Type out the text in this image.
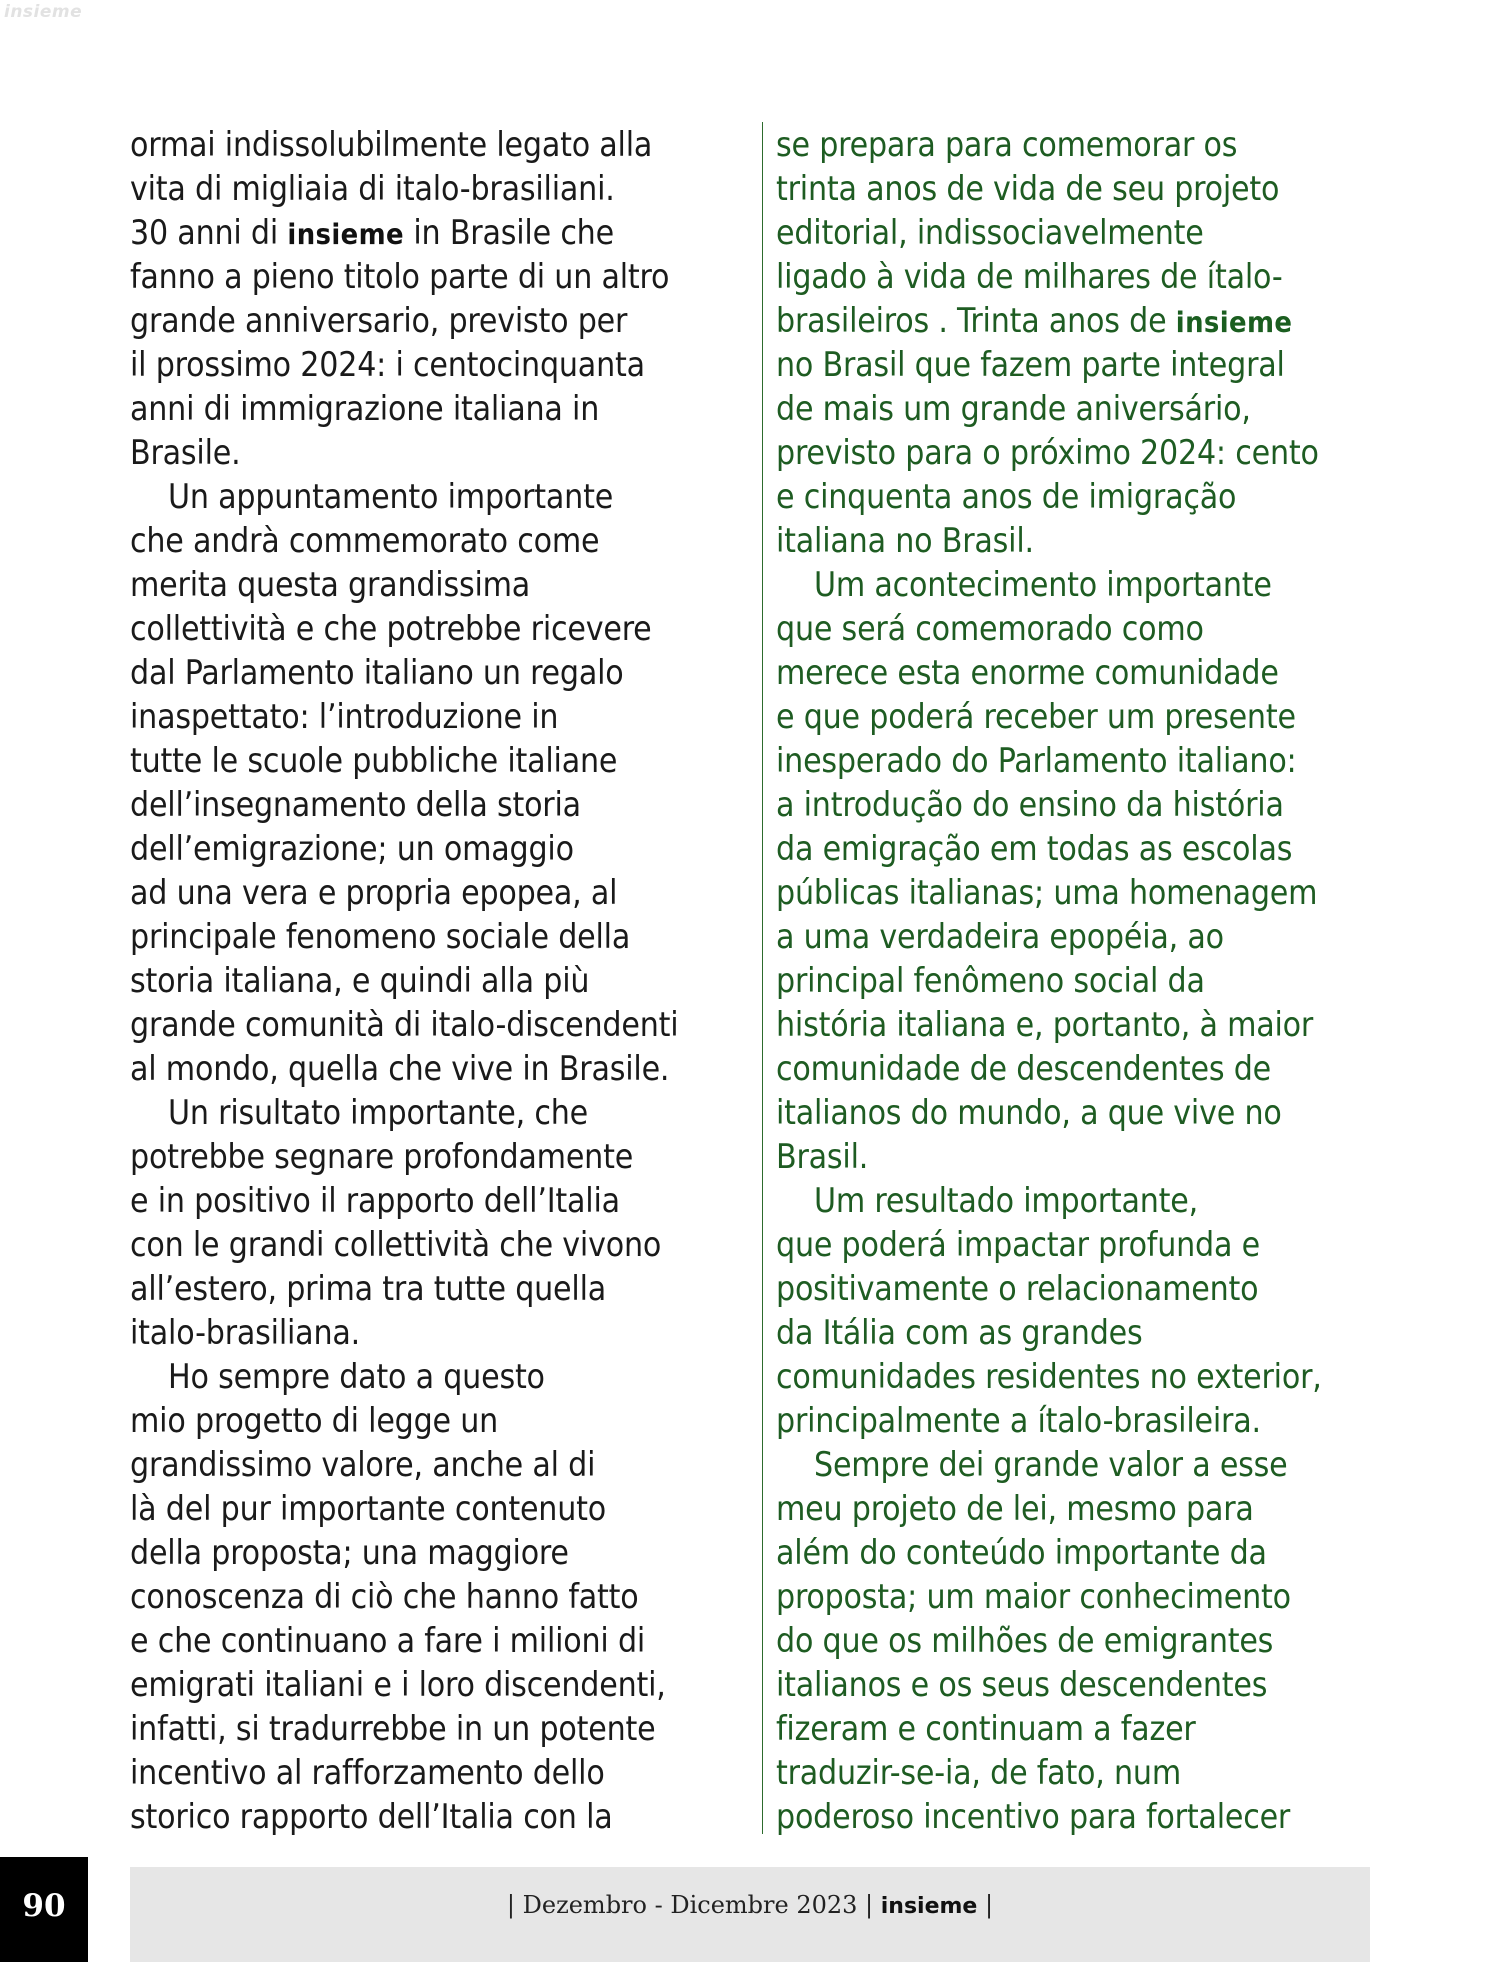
insieme
ormai indissolubilmente legato alla
vita di migliaia di italo-brasiliani.
30 anni di insieme in Brasile che
fanno a pieno titolo parte di un altro
grande anniversario, previsto per
il prossimo 2024: i centocinquanta
anni di immigrazione italiana in
Brasile.
Un appuntamento importante
che andrà commemorato come
merita questa grandissima
collettività e che potrebbe ricevere
dal Parlamento italiano un regalo
inaspettato: l’introduzione in
tutte le scuole pubbliche italiane
dell’insegnamento della storia
dell’emigrazione; un omaggio
ad una vera e propria epopea, al
principale fenomeno sociale della
storia italiana, e quindi alla più
grande comunità di italo-discendenti
al mondo, quella che vive in Brasile.
Un risultato importante, che
potrebbe segnare profondamente
e in positivo il rapporto dell’Italia
con le grandi collettività che vivono
all’estero, prima tra tutte quella
italo-brasiliana.
Ho sempre dato a questo
mio progetto di legge un
grandissimo valore, anche al di
là del pur importante contenuto
della proposta; una maggiore
conoscenza di ciò che hanno fatto
e che continuano a fare i milioni di
emigrati italiani e i loro discendenti,
infatti, si tradurrebbe in un potente
incentivo al rafforzamento dello
storico rapporto dell’Italia con la
se prepara para comemorar os
trinta anos de vida de seu projeto
editorial, indissociavelmente
ligado à vida de milhares de ítalo-
brasileiros . Trinta anos de insieme
no Brasil que fazem parte integral
de mais um grande aniversário,
previsto para o próximo 2024: cento
e cinquenta anos de imigração
italiana no Brasil.
Um acontecimento importante
que será comemorado como
merece esta enorme comunidade
e que poderá receber um presente
inesperado do Parlamento italiano:
a introdução do ensino da história
da emigração em todas as escolas
públicas italianas; uma homenagem
a uma verdadeira epopéia, ao
principal fenômeno social da
história italiana e, portanto, à maior
comunidade de descendentes de
italianos do mundo, a que vive no
Brasil.
Um resultado importante,
que poderá impactar profunda e
positivamente o relacionamento
da Itália com as grandes
comunidades residentes no exterior,
principalmente a ítalo-brasileira.
Sempre dei grande valor a esse
meu projeto de lei, mesmo para
além do conteúdo importante da
proposta; um maior conhecimento
do que os milhões de emigrantes
italianos e os seus descendentes
fizeram e continuam a fazer
traduzir-se-ia, de fato, num
poderoso incentivo para fortalecer
| Dezembro - Dicembre 2023 | insieme |
90
